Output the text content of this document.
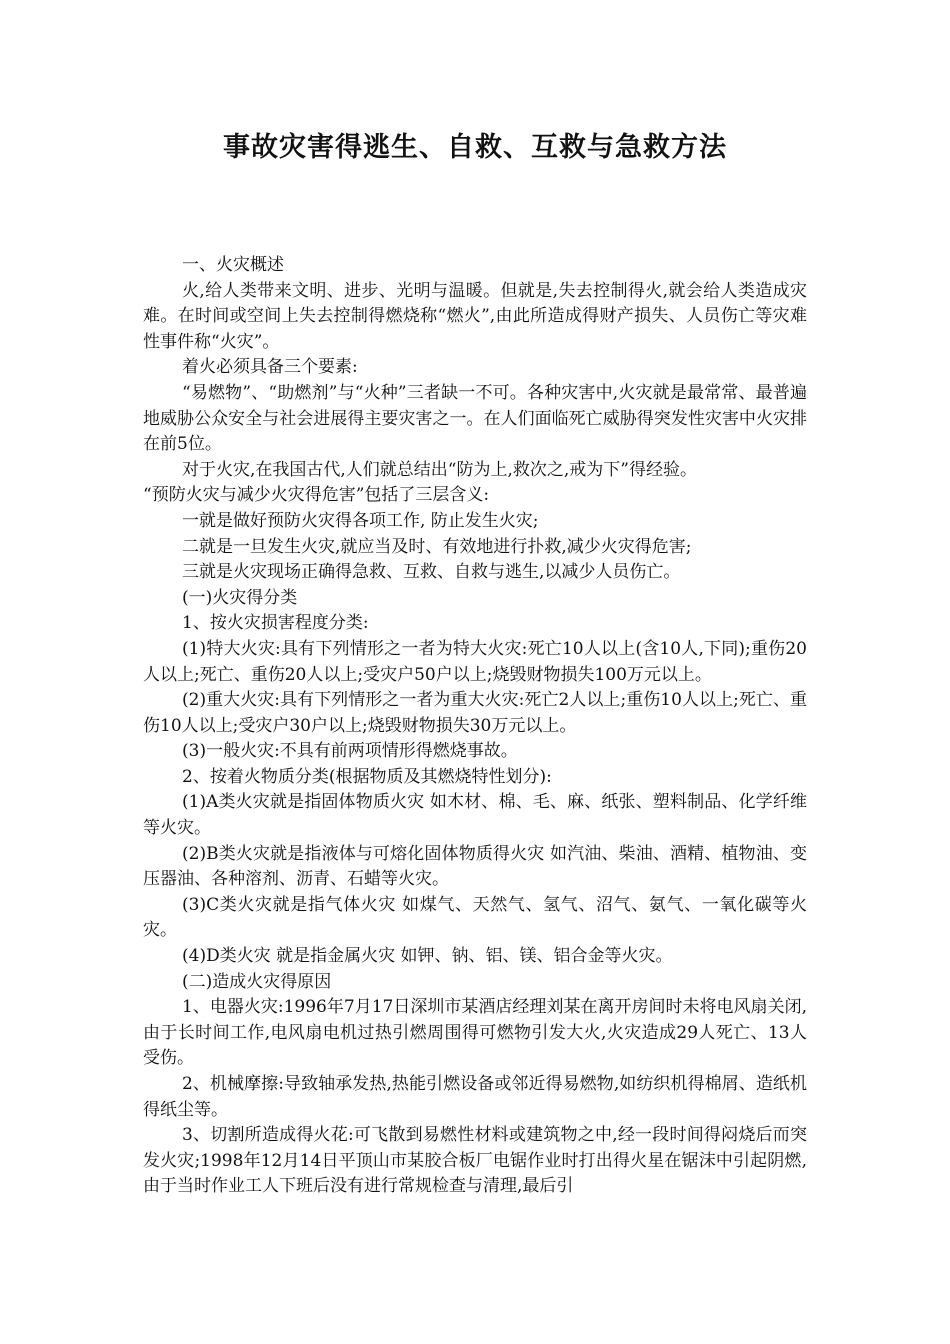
事故灾害得逃生、自救、互救与急救方法

一、火灾概述

火,给人类带来文明、进步、光明与温暖。但就是,失去控制得火,就会给人类造成灾难。在时间或空间上失去控制得燃烧称“燃火”,由此所造成得财产损失、人员伤亡等灾难性事件称“火灾”。

着火必须具备三个要素:

“易燃物”、“助燃剂”与“火种”三者缺一不可。各种灾害中,火灾就是最常常、最普遍地威胁公众安全与社会进展得主要灾害之一。在人们面临死亡威胁得突发性灾害中火灾排在前5位。

对于火灾,在我国古代,人们就总结出“防为上,救次之,戒为下”得经验。

“预防火灾与减少火灾得危害”包括了三层含义:

一就是做好预防火灾得各项工作, 防止发生火灾;

二就是一旦发生火灾,就应当及时、有效地进行扑救,减少火灾得危害;

三就是火灾现场正确得急救、互救、自救与逃生,以减少人员伤亡。

(一)火灾得分类

1、按火灾损害程度分类:

(1)特大火灾:具有下列情形之一者为特大火灾:死亡10人以上(含10人,下同);重伤20人以上;死亡、重伤20人以上;受灾户50户以上;烧毁财物损失100万元以上。

(2)重大火灾:具有下列情形之一者为重大火灾:死亡2人以上;重伤10人以上;死亡、重伤10人以上;受灾户30户以上;烧毁财物损失30万元以上。

(3)一般火灾:不具有前两项情形得燃烧事故。

2、按着火物质分类(根据物质及其燃烧特性划分):

(1)A类火灾就是指固体物质火灾 如木材、棉、毛、麻、纸张、塑料制品、化学纤维等火灾。

(2)B类火灾就是指液体与可熔化固体物质得火灾 如汽油、柴油、酒精、植物油、变压器油、各种溶剂、沥青、石蜡等火灾。

(3)C类火灾就是指气体火灾 如煤气、天然气、氢气、沼气、氨气、一氧化碳等火灾。

(4)D类火灾 就是指金属火灾 如钾、钠、铝、镁、铝合金等火灾。

(二)造成火灾得原因

1、电器火灾:1996年7月17日深圳市某酒店经理刘某在离开房间时未将电风扇关闭,由于长时间工作,电风扇电机过热引燃周围得可燃物引发大火,火灾造成29人死亡、13人受伤。

2、机械摩擦:导致轴承发热,热能引燃设备或邻近得易燃物,如纺织机得棉屑、造纸机得纸尘等。

3、切割所造成得火花:可飞散到易燃性材料或建筑物之中,经一段时间得闷烧后而突发火灾;1998年12月14日平顶山市某胶合板厂电锯作业时打出得火星在锯沫中引起阴燃,由于当时作业工人下班后没有进行常规检查与清理,最后引
